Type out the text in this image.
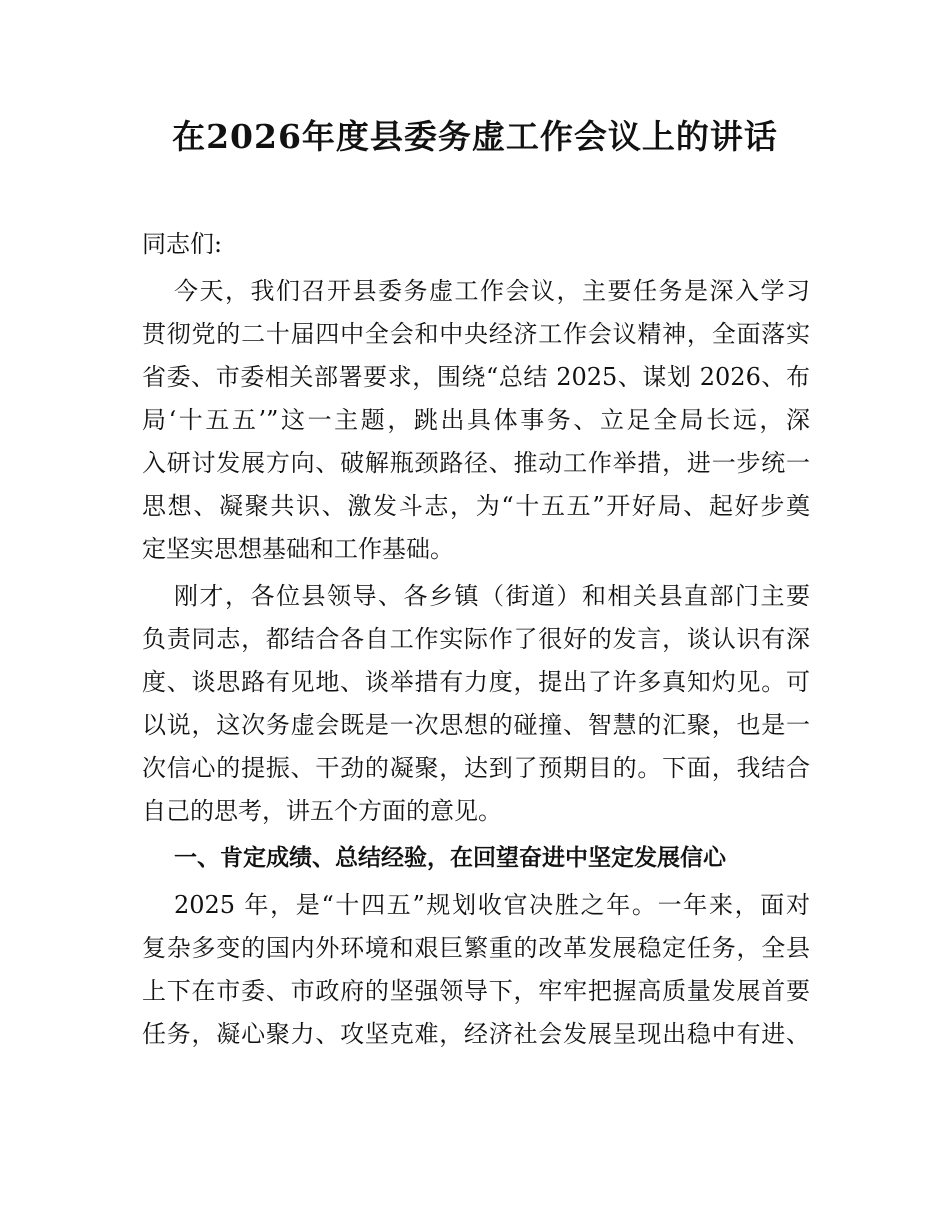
在2026年度县委务虚工作会议上的讲话
同志们:
今天，我们召开县委务虚工作会议，主要任务是深入学习
贯彻党的二十届四中全会和中央经济工作会议精神，全面落实
省委、市委相关部署要求，围绕“总结 2025、谋划 2026、布
局‘十五五’”这一主题，跳出具体事务、立足全局长远，深
入研讨发展方向、破解瓶颈路径、推动工作举措，进一步统一
思想、凝聚共识、激发斗志，为“十五五”开好局、起好步奠
定坚实思想基础和工作基础。
刚才，各位县领导、各乡镇（街道）和相关县直部门主要
负责同志，都结合各自工作实际作了很好的发言，谈认识有深
度、谈思路有见地、谈举措有力度，提出了许多真知灼见。可
以说，这次务虚会既是一次思想的碰撞、智慧的汇聚，也是一
次信心的提振、干劲的凝聚，达到了预期目的。下面，我结合
自己的思考，讲五个方面的意见。
一、肯定成绩、总结经验，在回望奋进中坚定发展信心
2025 年，是“十四五”规划收官决胜之年。一年来，面对
复杂多变的国内外环境和艰巨繁重的改革发展稳定任务，全县
上下在市委、市政府的坚强领导下，牢牢把握高质量发展首要
任务，凝心聚力、攻坚克难，经济社会发展呈现出稳中有进、
